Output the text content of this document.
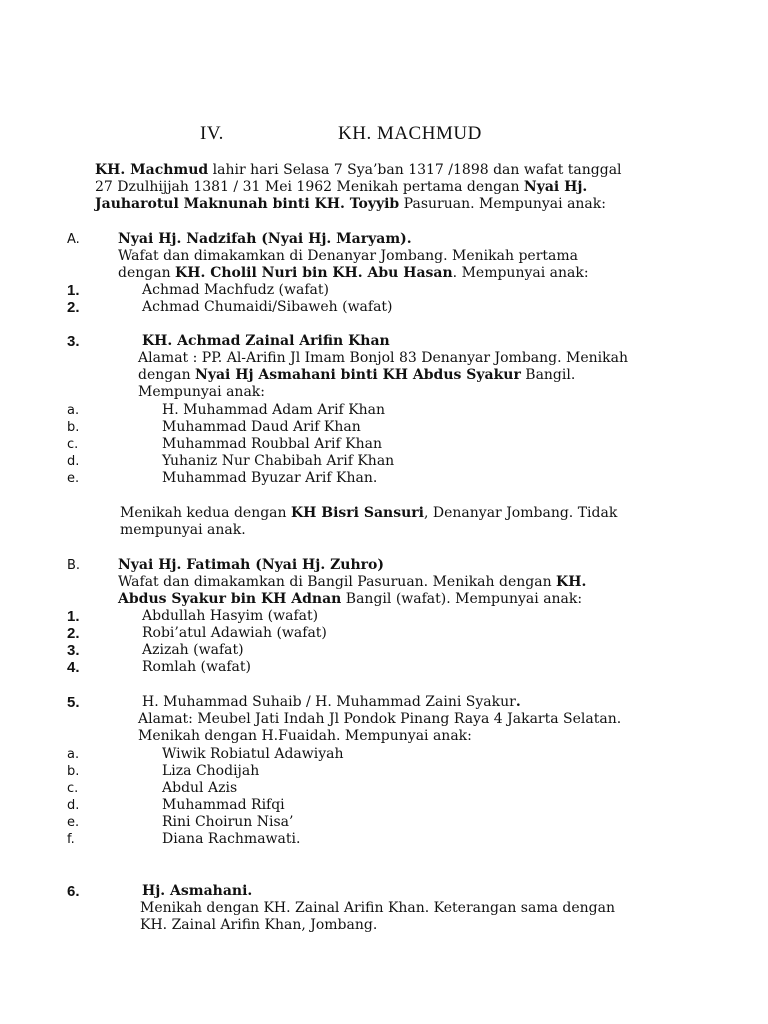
IV.	KH. MACHMUD
KH. Machmud lahir hari Selasa 7 Sya’ban 1317 /1898 dan wafat tanggal
27 Dzulhijjah 1381 / 31 Mei 1962 Menikah pertama dengan Nyai Hj.
Jauharotul Maknunah binti KH. Toyyib Pasuruan. Mempunyai anak:
A.	Nyai Hj. Nadzifah (Nyai Hj. Maryam).
Wafat dan dimakamkan di Denanyar Jombang. Menikah pertama
dengan KH. Cholil Nuri bin KH. Abu Hasan. Mempunyai anak:
1.	Achmad Machfudz (wafat)
2.	Achmad Chumaidi/Sibaweh (wafat)
3.	KH. Achmad Zainal Arifin Khan
Alamat : PP. Al-Arifin Jl Imam Bonjol 83 Denanyar Jombang. Menikah
dengan Nyai Hj Asmahani binti KH Abdus Syakur Bangil.
Mempunyai anak:
a.	H. Muhammad Adam Arif Khan
b.	Muhammad Daud Arif Khan
c.	Muhammad Roubbal Arif Khan
d.	Yuhaniz Nur Chabibah Arif Khan
e.	Muhammad Byuzar Arif Khan.
Menikah kedua dengan KH Bisri Sansuri, Denanyar Jombang. Tidak
mempunyai anak.
B.	Nyai Hj. Fatimah (Nyai Hj. Zuhro)
Wafat dan dimakamkan di Bangil Pasuruan. Menikah dengan KH.
Abdus Syakur bin KH Adnan Bangil (wafat). Mempunyai anak:
1.	Abdullah Hasyim (wafat)
2.	Robi’atul Adawiah (wafat)
3.	Azizah (wafat)
4.	Romlah (wafat)
5.	H. Muhammad Suhaib / H. Muhammad Zaini Syakur.
Alamat: Meubel Jati Indah Jl Pondok Pinang Raya 4 Jakarta Selatan.
Menikah dengan H.Fuaidah. Mempunyai anak:
a.	Wiwik Robiatul Adawiyah
b.	Liza Chodijah
c.	Abdul Azis
d.	Muhammad Rifqi
e.	Rini Choirun Nisa’
f.	Diana Rachmawati.
6.	Hj. Asmahani.
Menikah dengan KH. Zainal Arifin Khan. Keterangan sama dengan
KH. Zainal Arifin Khan, Jombang.
